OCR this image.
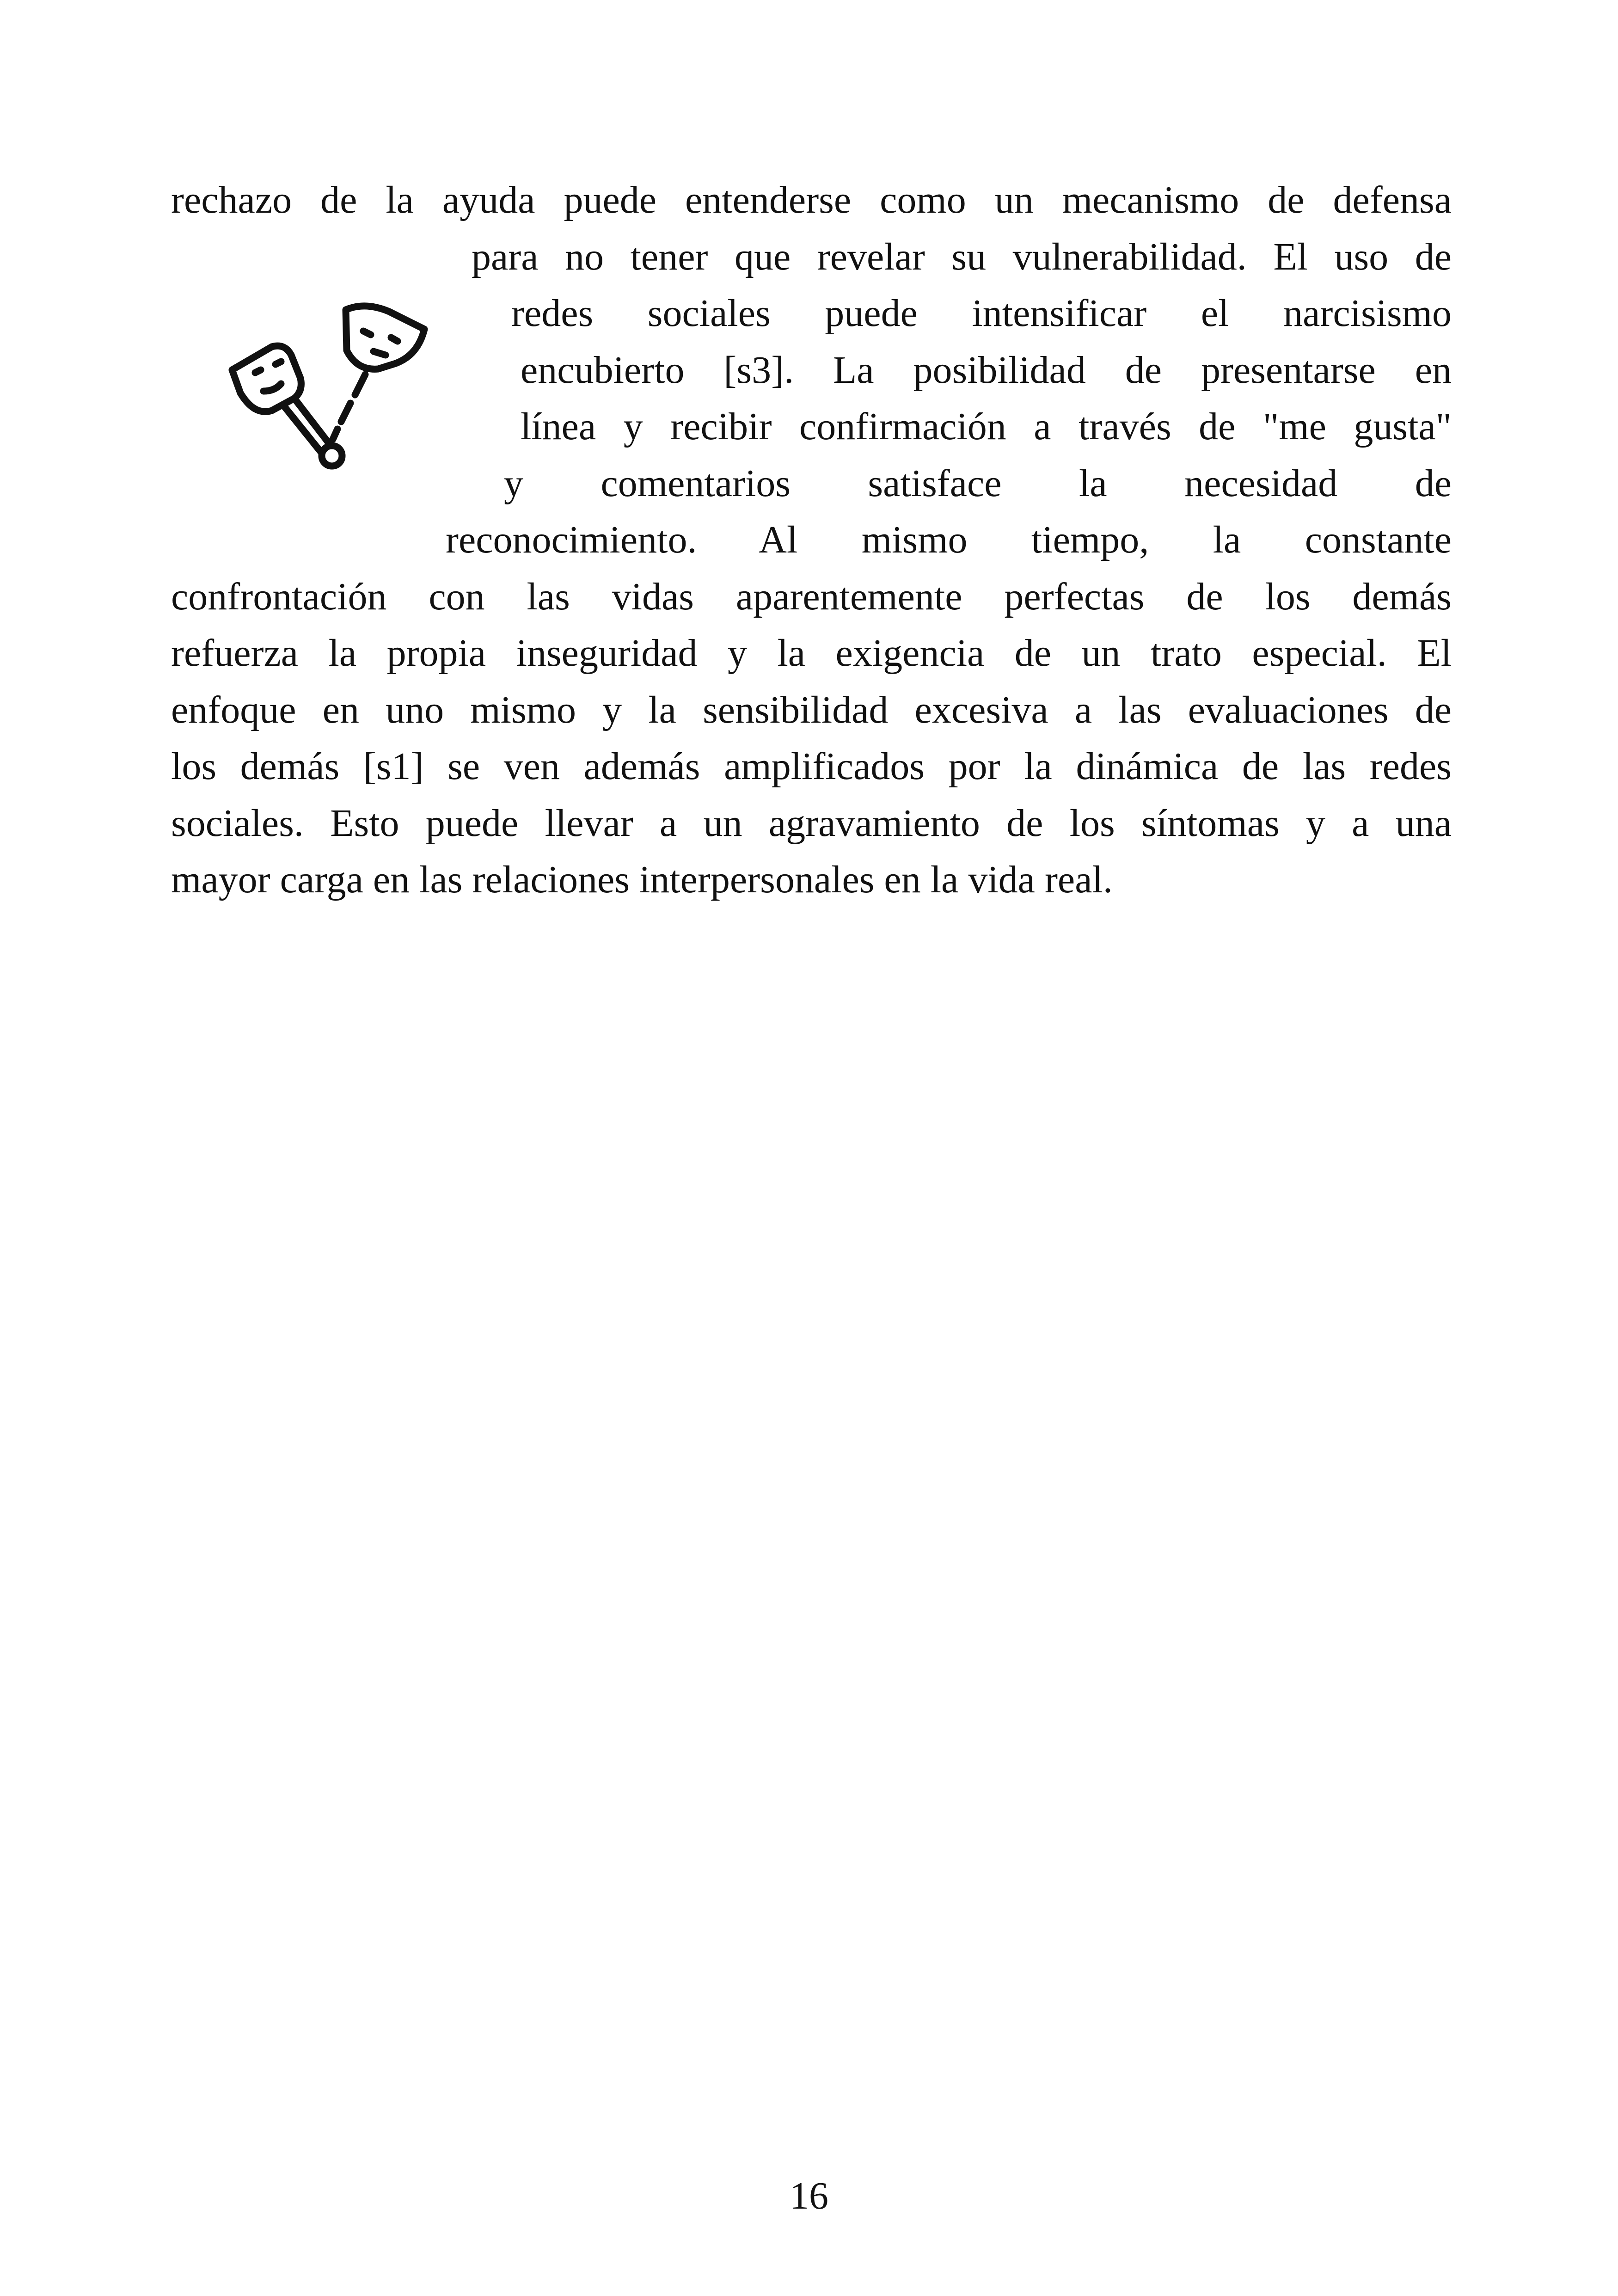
rechazo de la ayuda puede entenderse como un mecanismo de defensa
para no tener que revelar su vulnerabilidad. El uso de
redes sociales puede intensificar el narcisismo
encubierto [s3]. La posibilidad de presentarse en
línea y recibir confirmación a través de "me gusta"
y comentarios satisface la necesidad de
reconocimiento. Al mismo tiempo, la constante
confrontación con las vidas aparentemente perfectas de los demás
refuerza la propia inseguridad y la exigencia de un trato especial. El
enfoque en uno mismo y la sensibilidad excesiva a las evaluaciones de
los demás [s1] se ven además amplificados por la dinámica de las redes
sociales. Esto puede llevar a un agravamiento de los síntomas y a una
mayor carga en las relaciones interpersonales en la vida real.
16
